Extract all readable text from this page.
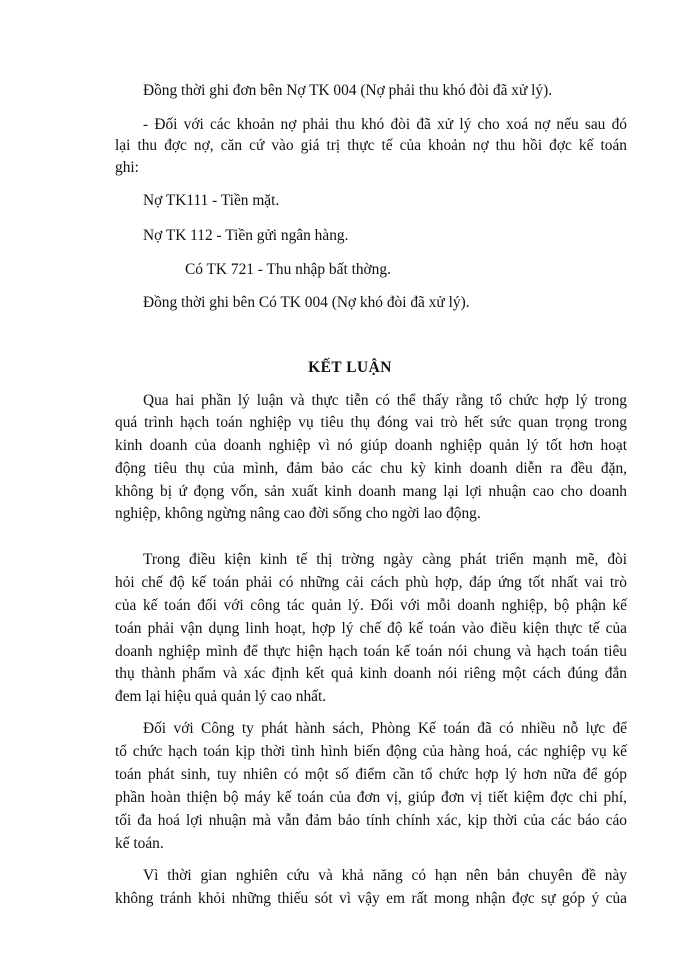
Đồng thời ghi đơn bên Nợ TK 004 (Nợ phải thu khó đòi đã xử lý).
- Đối với các khoản nợ phải thu khó đòi đã xử lý cho xoá nợ nếu sau đó
lại thu đợc nợ, căn cứ vào giá trị thực tế của khoản nợ thu hồi đợc kế toán
ghi:
Nợ TK111 - Tiền mặt.
Nợ TK 112 - Tiền gửi ngân hàng.
Có TK 721 - Thu nhập bất thờng.
Đồng thời ghi bên Có TK 004 (Nợ khó đòi đã xử lý).
KẾT LUẬN
Qua hai phần lý luận và thực tiễn có thể thấy rằng tổ chức hợp lý trong
quá trình hạch toán nghiệp vụ tiêu thụ đóng vai trò hết sức quan trọng trong
kinh doanh của doanh nghiệp vì nó giúp doanh nghiệp quản lý tốt hơn hoạt
động tiêu thụ của mình, đảm bảo các chu kỳ kinh doanh diễn ra đều đặn,
không bị ứ đọng vốn, sản xuất kinh doanh mang lại lợi nhuận cao cho doanh
nghiệp, không ngừng nâng cao đời sống cho ngời lao động.
Trong điều kiện kinh tế thị trờng ngày càng phát triển mạnh mẽ, đòi
hỏi chế độ kế toán phải có những cải cách phù hợp, đáp ứng tốt nhất vai trò
của kế toán đối với công tác quản lý. Đối với mỗi doanh nghiệp, bộ phận kế
toán phải vận dụng linh hoạt, hợp lý chế độ kế toán vào điều kiện thực tế của
doanh nghiệp mình để thực hiện hạch toán kế toán nói chung và hạch toán tiêu
thụ thành phẩm và xác định kết quả kinh doanh nói riêng một cách đúng đắn
đem lại hiệu quả quản lý cao nhất.
Đối với Công ty phát hành sách, Phòng Kế toán đã có nhiều nỗ lực để
tổ chức hạch toán kịp thời tình hình biến động của hàng hoá, các nghiệp vụ kế
toán phát sinh, tuy nhiên có một số điểm cần tổ chức hợp lý hơn nữa để góp
phần hoàn thiện bộ máy kế toán của đơn vị, giúp đơn vị tiết kiệm đợc chi phí,
tối đa hoá lợi nhuận mà vẫn đảm bảo tính chính xác, kịp thời của các báo cáo
kế toán.
Vì thời gian nghiên cứu và khả năng có hạn nên bản chuyên đề này
không tránh khỏi những thiếu sót vì vậy em rất mong nhận đợc sự góp ý của
